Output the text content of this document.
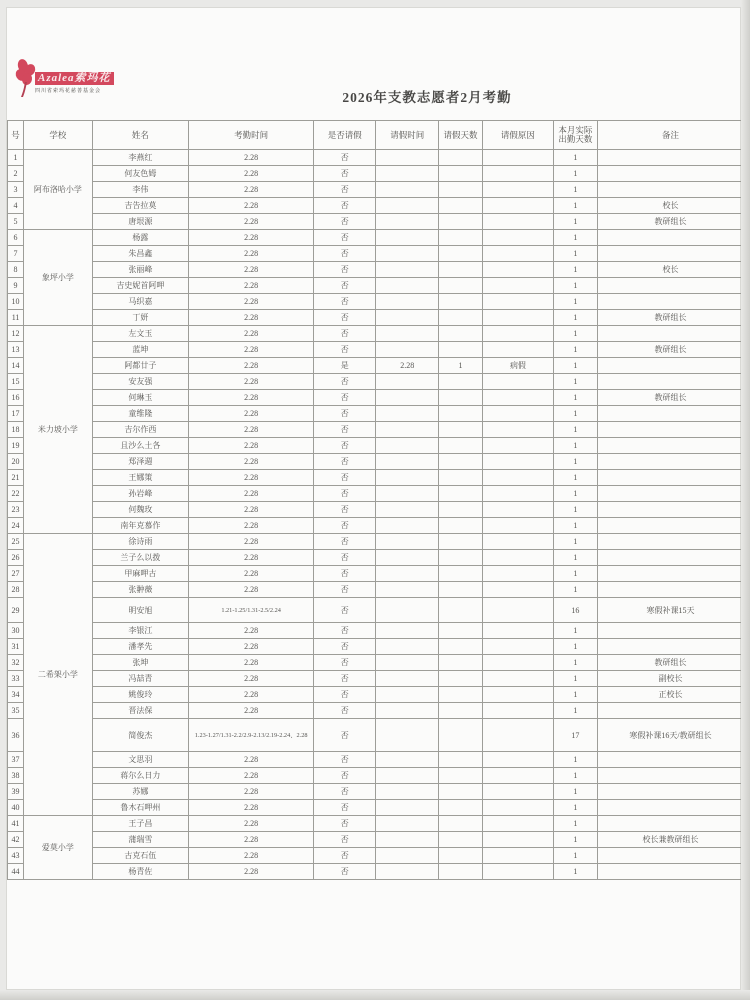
Azalea索玛花
四川省索玛花慈善基金会	2026年支教志愿者2月考勤
号	学校	姓名	考勤时间	是否请假	请假时间	请假天数	请假原因	本月实际出勤天数	备注
1	阿布洛哈小学	李燕红	2.28	否				1	
2		何友色姆	2.28	否				1	
3		李伟	2.28	否				1	
4		吉告拉莫	2.28	否				1	校长
5		唐垠源	2.28	否				1	教研组长
6	象坪小学	杨露	2.28	否				1	
7		朱昌鑫	2.28	否				1	
8		张丽峰	2.28	否				1	校长
9		吉史妮首阿呷	2.28	否				1	
10		马织嘉	2.28	否				1	
11		丁妍	2.28	否				1	教研组长
12	米力坡小学	左文玉	2.28	否				1	
13		蓝坤	2.28	否				1	教研组长
14		阿都廿子	2.28	是	2.28	1	病假	1	
15		安友强	2.28	否				1	
16		何琳玉	2.28	否				1	教研组长
17		童维隆	2.28	否				1	
18		吉尔作西	2.28	否				1	
19		且沙么土各	2.28	否				1	
20		郑泽週	2.28	否				1	
21		王娜策	2.28	否				1	
22		孙岩峰	2.28	否				1	
23		何魏玫	2.28	否				1	
24		南年克慕作	2.28	否				1	
25	二希架小学	徐诗雨	2.28	否				1	
26		兰子么以拨	2.28	否				1	
27		甲麻呷古	2.28	否				1	
28		张翀薇	2.28	否				1	
29		明安旭	1.21-1.25/1.31-2.5/2.24	否				16	寒假补课15天
30		李银江	2.28	否				1	
31		潘孝先	2.28	否				1	
32		张坤	2.28	否				1	教研组长
33		冯喆青	2.28	否				1	副校长
34		姚俊玲	2.28	否				1	正校长
35		晋法保	2.28	否				1	
36		简俊杰	1.23-1.27/1.31-2.2/2.9-2.13/2.19-2.24、2.28	否				17	寒假补课16天/教研组长
37		文思羽	2.28	否				1	
38		蒋尔么日力	2.28	否				1	
39		苏娜	2.28	否				1	
40		鲁木石呷州	2.28	否				1	
41	爱莫小学	王子昌	2.28	否				1	
42		蒲瑞雪	2.28	否				1	校长兼教研组长
43		古克石伍	2.28	否				1	
44		杨青佐	2.28	否				1	
